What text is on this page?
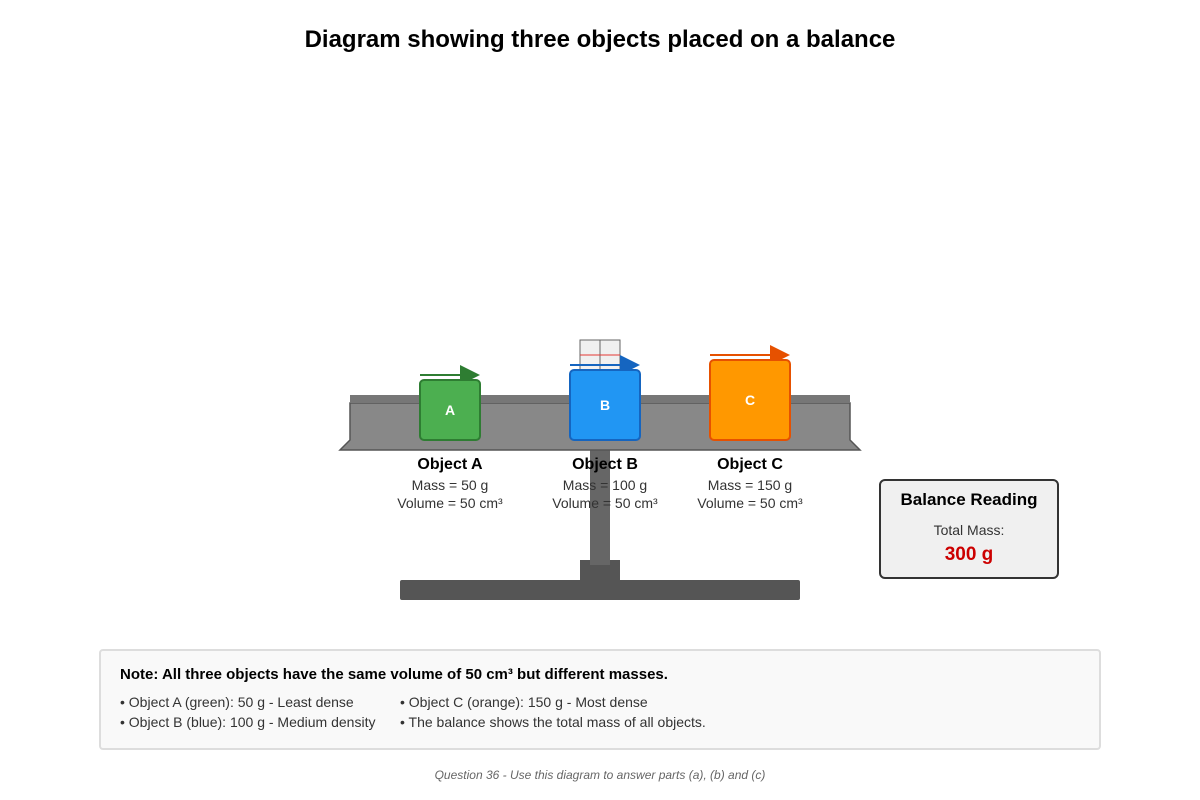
Diagram showing three objects placed on a balance
A	B	C
Object A
Mass = 50 g
Volume = 50 cm³
Object B
Mass = 100 g
Volume = 50 cm³
Object C
Mass = 150 g
Volume = 50 cm³	Balance Reading
Total Mass:
300 g
Note: All three objects have the same volume of 50 cm³ but different masses.
• Object A (green): 50 g - Least dense
• Object B (blue): 100 g - Medium density
• Object C (orange): 150 g - Most dense
• The balance shows the total mass of all objects.
Question 36 - Use this diagram to answer parts (a), (b) and (c)
